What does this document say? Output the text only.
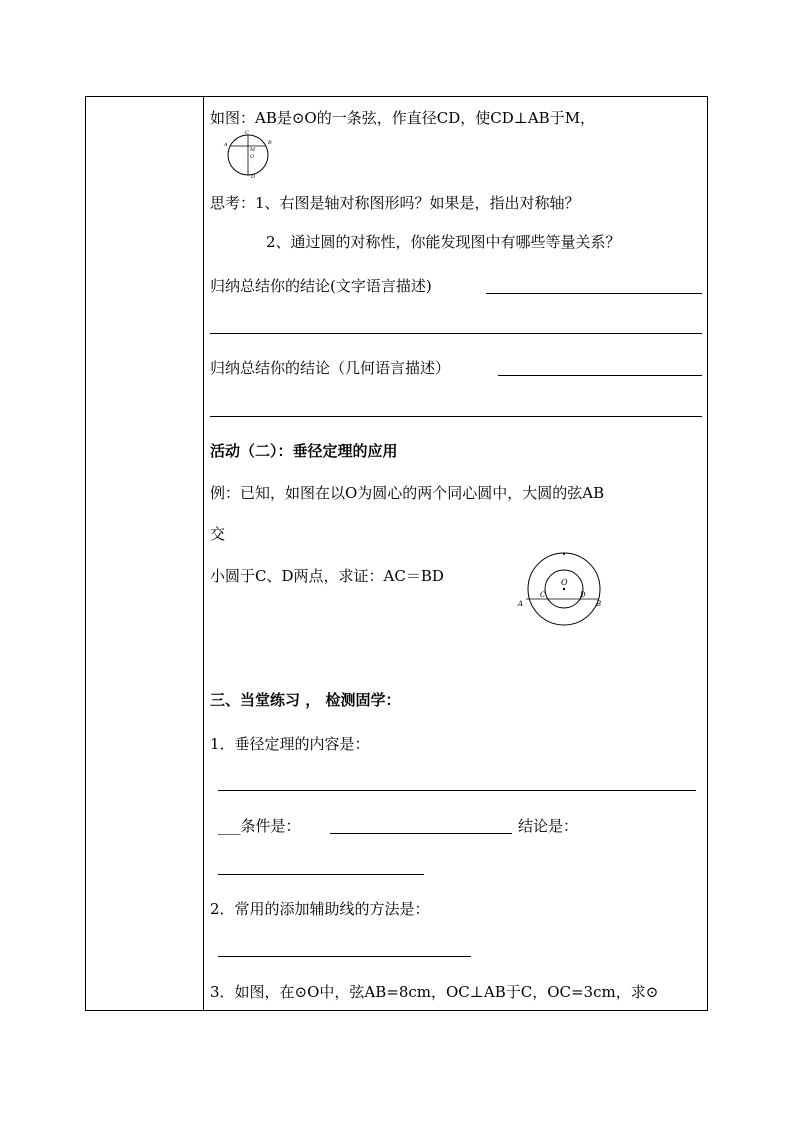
如图：AB是⊙O的一条弦，作直径CD，使CD⊥AB于M，
A
C
B
O
M
D
思考：1、右图是轴对称图形吗？如果是，指出对称轴？
2、通过圆的对称性，你能发现图中有哪些等量关系？
归纳总结你的结论(文字语言描述)
归纳总结你的结论（几何语言描述）
活动（二）：垂径定理的应用
例：已知，如图在以O为圆心的两个同心圆中，大圆的弦AB
交
小圆于C、D两点，求证：AC＝BD	O
A
C	D
B
三、当堂练习 ， 检测固学：
1．垂径定理的内容是：
___条件是：	结论是：
2．常用的添加辅助线的方法是：
3．如图，在⊙O中，弦AB=8cm，OC⊥AB于C，OC=3cm，求⊙
